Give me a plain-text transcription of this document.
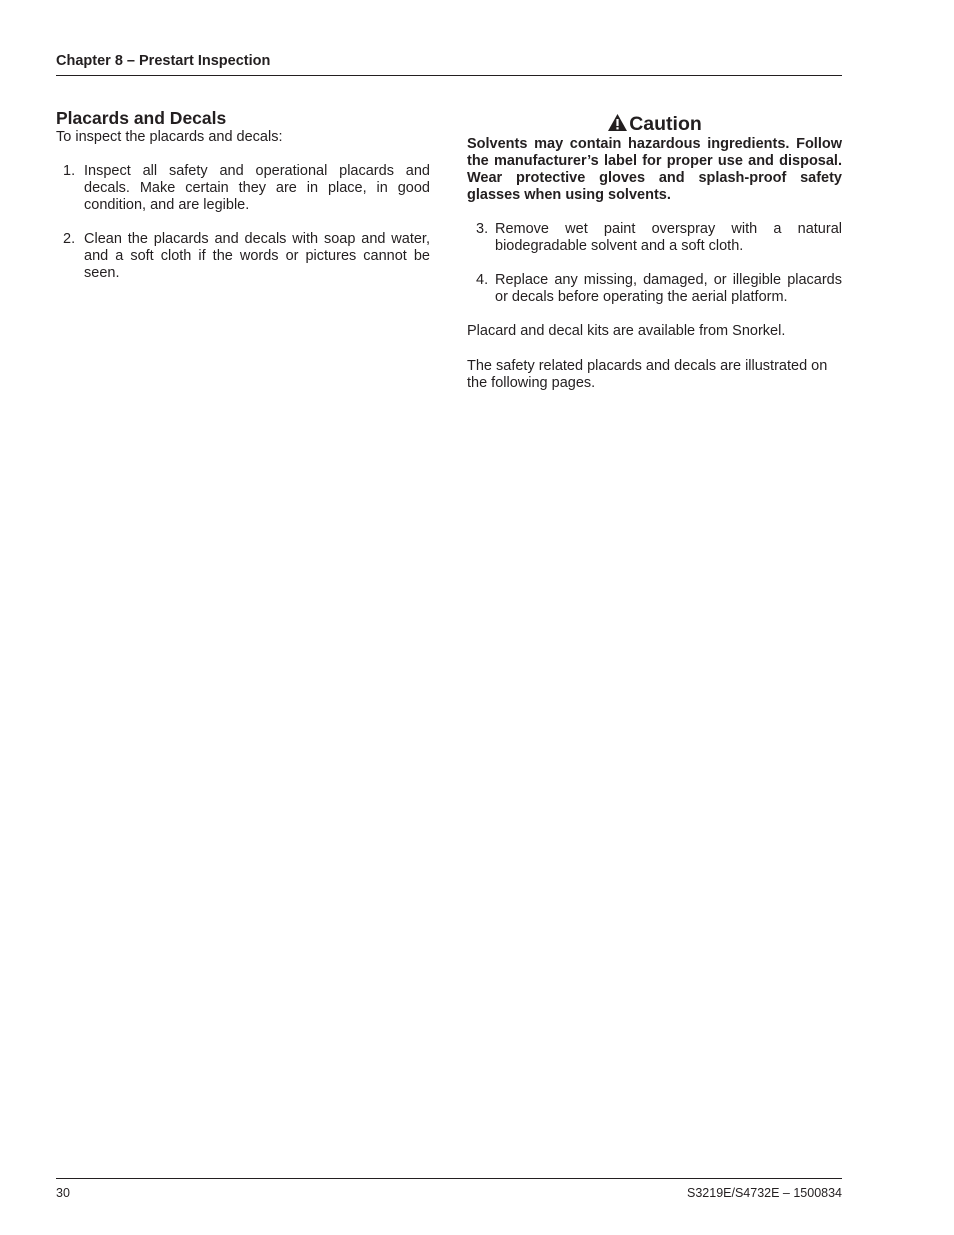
Chapter 8 – Prestart Inspection
Placards and Decals

To inspect the placards and decals:

1. Inspect all safety and operational placards and decals. Make certain they are in place, in good condition, and are legible.
2. Clean the placards and decals with soap and water, and a soft cloth if the words or pictures cannot be seen.
Caution

Solvents may contain hazardous ingredients. Follow the manufacturer’s label for proper use and disposal. Wear protective gloves and splash-proof safety glasses when using solvents.

3. Remove wet paint overspray with a natural biodegradable solvent and a soft cloth.
4. Replace any missing, damaged, or illegible placards or decals before operating the aerial platform.

Placard and decal kits are available from Snorkel.

The safety related placards and decals are illustrated on the following pages.

30	S3219E/S4732E – 1500834
